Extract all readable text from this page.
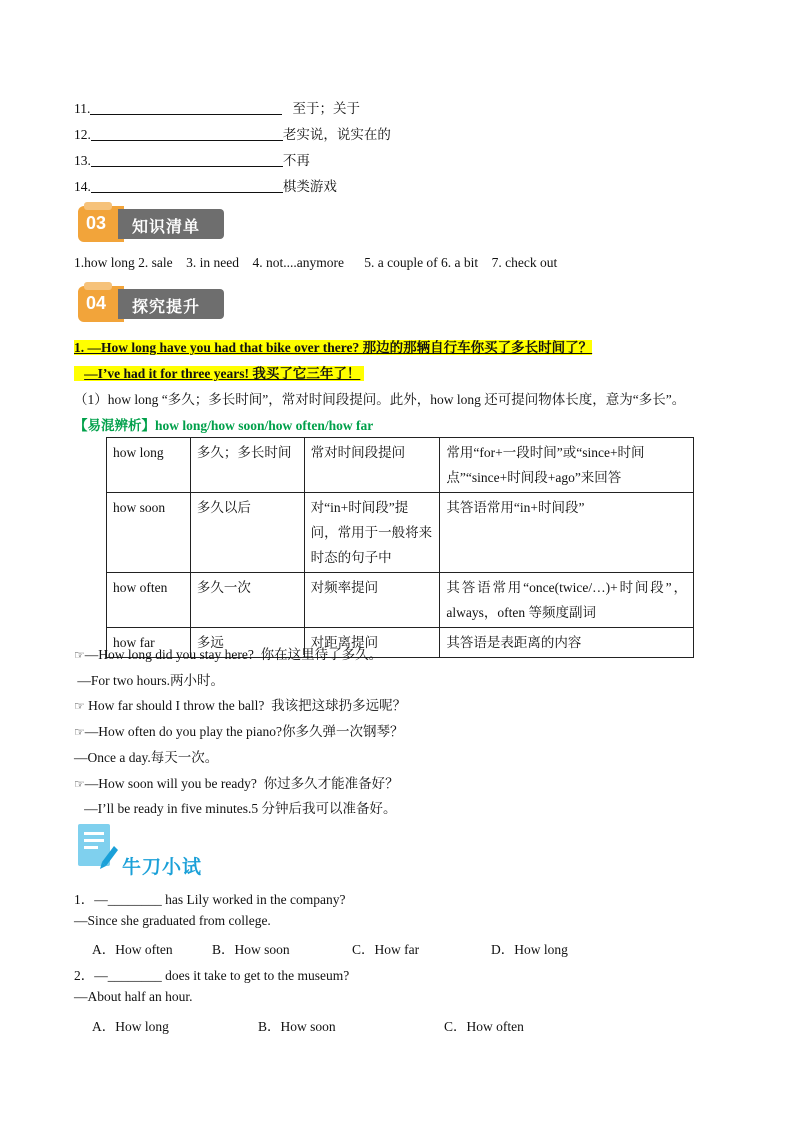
11.	至于；关于
12.	老实说，说实在的
13.	不再
14.	棋类游戏
03 知识清单
1.how long 2. sale    3. in need    4. not....anymore      5. a couple of 6. a bit    7. check out
04 探究提升
1. —How long have you had that bike over there? 那边的那辆自行车你买了多长时间了？
—I’ve had it for three years! 我买了它三年了！
（1）how long “多久；多长时间”，常对时间段提问。此外，how long 还可提问物体长度，意为“多长”。
【易混辨析】how long/how soon/how often/how far
how long	多久；多长时间	常对时间段提问	常用“for+一段时间”或“since+时间点”“since+时间段+ago”来回答
how soon	多久以后	对“in+时间段”提问，常用于一般将来时态的句子中	其答语常用“in+时间段”
how often	多久一次	对频率提问	其答语常用“once(twice/…)+时间段”，always，often 等频度副词
how far	多远	对距离提问	其答语是表距离的内容
☞—How long did you stay here?  你在这里待了多久。
—For two hours.两小时。
☞ How far should I throw the ball?  我该把这球扔多远呢？
☞—How often do you play the piano?你多久弹一次钢琴？
—Once a day.每天一次。
☞—How soon will you be ready?  你过多久才能准备好？
—I’ll be ready in five minutes.5 分钟后我可以准备好。
牛刀小试
1．—________ has Lily worked in the company?
—Since she graduated from college.
A．How often	B．How soon	C．How far	D．How long
2．—________ does it take to get to the museum?
—About half an hour.
A．How long	B．How soon	C．How often
